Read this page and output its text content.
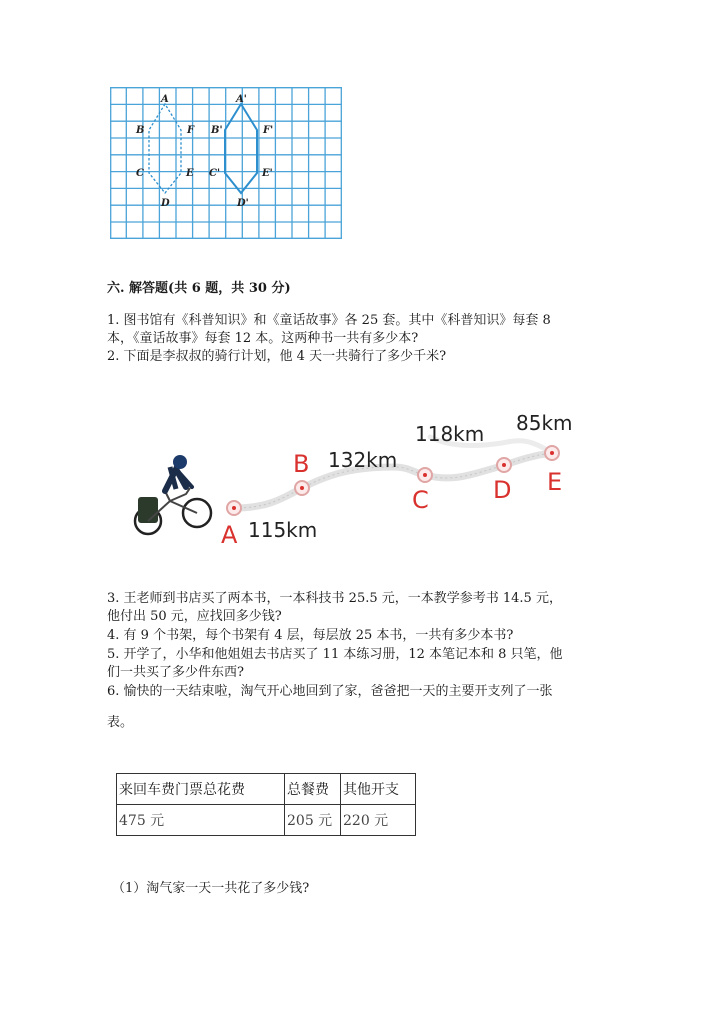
A
B	F
C	E
D
A'
B'	F'
C'	E'
D'
六. 解答题(共 6 题，共 30 分)
1. 图书馆有《科普知识》和《童话故事》各 25 套。其中《科普知识》每套 8
本，《童话故事》每套 12 本。这两种书一共有多少本?
2. 下面是李叔叔的骑行计划，他 4 天一共骑行了多少千米?
A
B
C	D E
115km
132km
118km 85km
3. 王老师到书店买了两本书，一本科技书 25.5 元，一本教学参考书 14.5 元，
他付出 50 元，应找回多少钱?
4. 有 9 个书架，每个书架有 4 层，每层放 25 本书，一共有多少本书?
5. 开学了，小华和他姐姐去书店买了 11 本练习册，12 本笔记本和 8 只笔，他
们一共买了多少件东西?
6. 愉快的一天结束啦，淘气开心地回到了家，爸爸把一天的主要开支列了一张
表。
来回车费门票总花费	总餐费	其他开支
475 元	205 元	220 元
（1）淘气家一天一共花了多少钱?
